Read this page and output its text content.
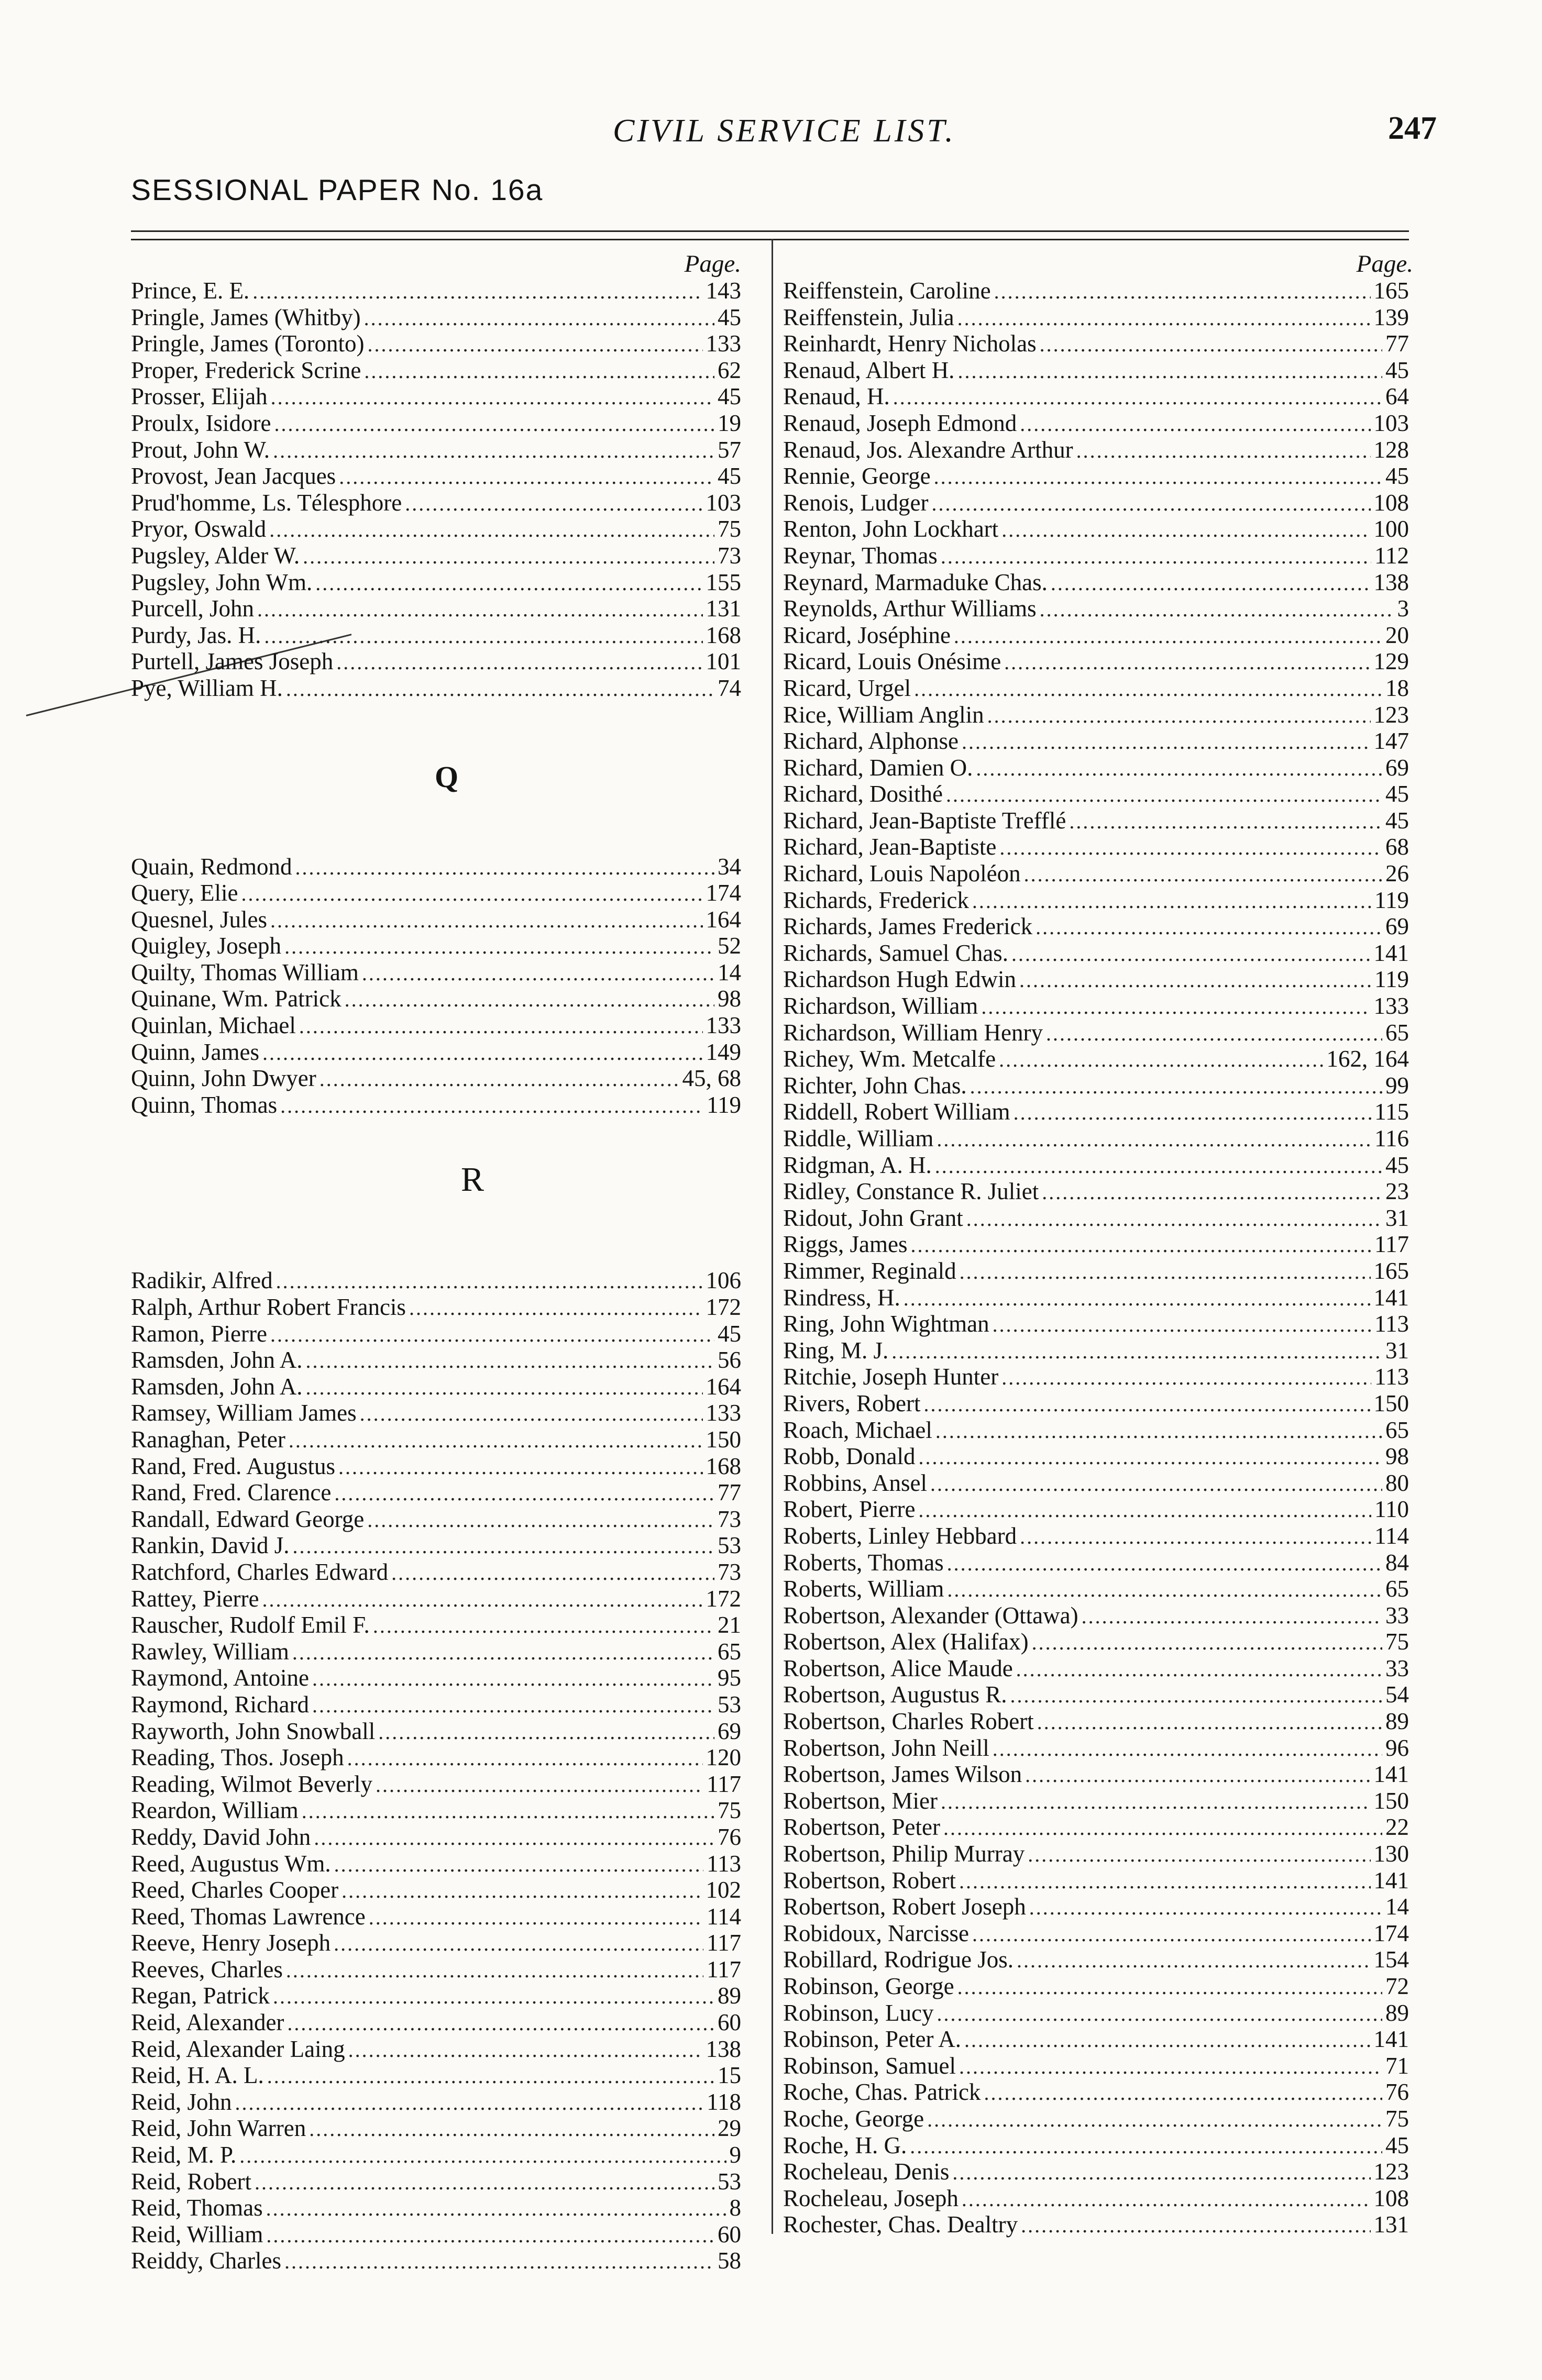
SESSIONAL PAPER No. 16a
CIVIL SERVICE LIST.	247
Page.
Prince, E. E. .....	143
Pringle, James (Whitby) .....	45
Pringle, James (Toronto) .....	133
Proper, Frederick Scrine .....	62
Prosser, Elijah .....	45
Proulx, Isidore .....	19
Prout, John W. .....	57
Provost, Jean Jacques .....	45
Prud'homme, Ls. Télesphore .....	103
Pryor, Oswald .....	75
Pugsley, Alder W. .....	73
Pugsley, John Wm. .....	155
Purcell, John .....	131
Purdy, Jas. H. .....	168
Purtell, James Joseph .....	101
Pye, William H. .....	74
Q
Quain, Redmond .....	34
Query, Elie .....	174
Quesnel, Jules .....	164
Quigley, Joseph .....	52
Quilty, Thomas William .....	14
Quinane, Wm. Patrick .....	98
Quinlan, Michael .....	133
Quinn, James .....	149
Quinn, John Dwyer .....	45, 68
Quinn, Thomas .....	119
R
Radikir, Alfred .....	106
Ralph, Arthur Robert Francis .....	172
Ramon, Pierre .....	45
Ramsden, John A. .....	56
Ramsden, John A. .....	164
Ramsey, William James .....	133
Ranaghan, Peter .....	150
Rand, Fred. Augustus .....	168
Rand, Fred. Clarence .....	77
Randall, Edward George .....	73
Rankin, David J. .....	53
Ratchford, Charles Edward .....	73
Rattey, Pierre .....	172
Rauscher, Rudolf Emil F. .....	21
Rawley, William .....	65
Raymond, Antoine .....	95
Raymond, Richard .....	53
Rayworth, John Snowball .....	69
Reading, Thos. Joseph .....	120
Reading, Wilmot Beverly .....	117
Reardon, William .....	75
Reddy, David John .....	76
Reed, Augustus Wm. .....	113
Reed, Charles Cooper .....	102
Reed, Thomas Lawrence .....	114
Reeve, Henry Joseph .....	117
Reeves, Charles .....	117
Regan, Patrick .....	89
Reid, Alexander .....	60
Reid, Alexander Laing .....	138
Reid, H. A. L. .....	15
Reid, John .....	118
Reid, John Warren .....	29
Reid, M. P. .....	9
Reid, Robert .....	53
Reid, Thomas .....	8
Reid, William .....	60
Reiddy, Charles .....	58
Page.
Reiffenstein, Caroline .....	165
Reiffenstein, Julia .....	139
Reinhardt, Henry Nicholas .....	77
Renaud, Albert H. .....	45
Renaud, H. .....	64
Renaud, Joseph Edmond .....	103
Renaud, Jos. Alexandre Arthur .....	128
Rennie, George .....	45
Renois, Ludger .....	108
Renton, John Lockhart .....	100
Reynar, Thomas .....	112
Reynard, Marmaduke Chas. .....	138
Reynolds, Arthur Williams .....	3
Ricard, Joséphine .....	20
Ricard, Louis Onésime .....	129
Ricard, Urgel .....	18
Rice, William Anglin .....	123
Richard, Alphonse .....	147
Richard, Damien O. .....	69
Richard, Dosithé .....	45
Richard, Jean-Baptiste Trefflé .....	45
Richard, Jean-Baptiste .....	68
Richard, Louis Napoléon .....	26
Richards, Frederick .....	119
Richards, James Frederick .....	69
Richards, Samuel Chas. .....	141
Richardson Hugh Edwin .....	119
Richardson, William .....	133
Richardson, William Henry .....	65
Richey, Wm. Metcalfe .....	162, 164
Richter, John Chas. .....	99
Riddell, Robert William .....	115
Riddle, William .....	116
Ridgman, A. H. .....	45
Ridley, Constance R. Juliet .....	23
Ridout, John Grant .....	31
Riggs, James .....	117
Rimmer, Reginald .....	165
Rindress, H. .....	141
Ring, John Wightman .....	113
Ring, M. J. .....	31
Ritchie, Joseph Hunter .....	113
Rivers, Robert .....	150
Roach, Michael .....	65
Robb, Donald .....	98
Robbins, Ansel .....	80
Robert, Pierre .....	110
Roberts, Linley Hebbard .....	114
Roberts, Thomas .....	84
Roberts, William .....	65
Robertson, Alexander (Ottawa) .....	33
Robertson, Alex (Halifax) .....	75
Robertson, Alice Maude .....	33
Robertson, Augustus R. .....	54
Robertson, Charles Robert .....	89
Robertson, John Neill .....	96
Robertson, James Wilson .....	141
Robertson, Mier .....	150
Robertson, Peter .....	22
Robertson, Philip Murray .....	130
Robertson, Robert .....	141
Robertson, Robert Joseph .....	14
Robidoux, Narcisse .....	174
Robillard, Rodrigue Jos. .....	154
Robinson, George .....	72
Robinson, Lucy .....	89
Robinson, Peter A. .....	141
Robinson, Samuel .....	71
Roche, Chas. Patrick .....	76
Roche, George .....	75
Roche, H. G. .....	45
Rocheleau, Denis .....	123
Rocheleau, Joseph .....	108
Rochester, Chas. Dealtry .....	131
